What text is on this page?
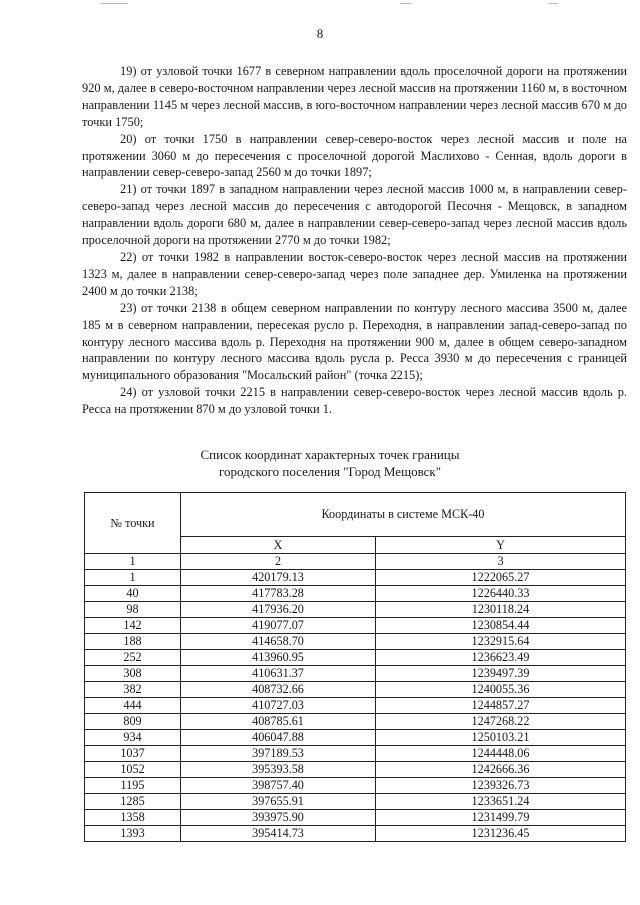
8

19) от узловой точки 1677 в северном направлении вдоль проселочной дороги на протяжении 920 м, далее в северо-восточном направлении через лесной массив на протяжении 1160 м, в восточном направлении 1145 м через лесной массив, в юго-восточном направлении через лесной массив 670 м до точки 1750;

20) от точки 1750 в направлении север-северо-восток через лесной массив и поле на протяжении 3060 м до пересечения с проселочной дорогой Маслихово - Сенная, вдоль дороги в направлении север-северо-запад 2560 м до точки 1897;

21) от точки 1897 в западном направлении через лесной массив 1000 м, в направлении север-северо-запад через лесной массив до пересечения с автодорогой Песочня - Мещовск, в западном направлении вдоль дороги 680 м, далее в направлении север-северо-запад через лесной массив вдоль проселочной дороги на протяжении 2770 м до точки 1982;

22) от точки 1982 в направлении восток-северо-восток через лесной массив на протяжении 1323 м, далее в направлении север-северо-запад через поле западнее дер. Умиленка на протяжении 2400 м до точки 2138;

23) от точки 2138 в общем северном направлении по контуру лесного массива 3500 м, далее 185 м в северном направлении, пересекая русло р. Переходня, в направлении запад-северо-запад по контуру лесного массива вдоль р. Переходня на протяжении 900 м, далее в общем северо-западном направлении по контуру лесного массива вдоль русла р. Ресса 3930 м до пересечения с границей муниципального образования "Мосальский район" (точка 2215);

24) от узловой точки 2215 в направлении север-северо-восток через лесной массив вдоль р. Ресса на протяжении 870 м до узловой точки 1.

Список координат характерных точек границы
городского поселения "Город Мещовск"
№ точки	Координаты в системе МСК-40	
	X	Y
1	2	3
1	420179.13	1222065.27
40	417783.28	1226440.33
98	417936.20	1230118.24
142	419077.07	1230854.44
188	414658.70	1232915.64
252	413960.95	1236623.49
308	410631.37	1239497.39
382	408732.66	1240055.36
444	410727.03	1244857.27
809	408785.61	1247268.22
934	406047.88	1250103.21
1037	397189.53	1244448.06
1052	395393.58	1242666.36
1195	398757.40	1239326.73
1285	397655.91	1233651.24
1358	393975.90	1231499.79
1393	395414.73	1231236.45
